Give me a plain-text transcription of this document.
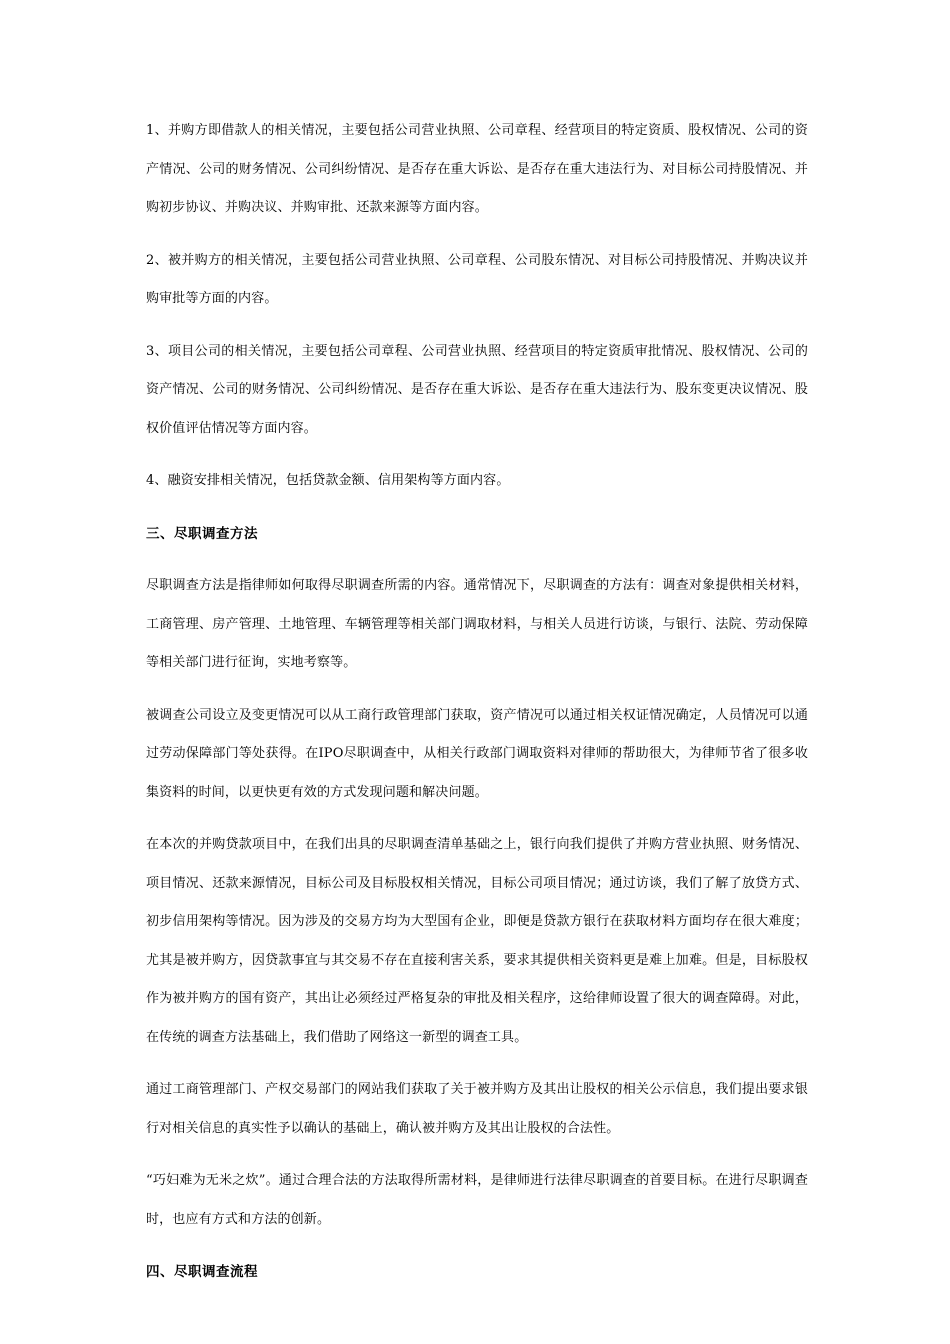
1、并购方即借款人的相关情况，主要包括公司营业执照、公司章程、经营项目的特定资质、股权情况、公司的资产情况、公司的财务情况、公司纠纷情况、是否存在重大诉讼、是否存在重大违法行为、对目标公司持股情况、并购初步协议、并购决议、并购审批、还款来源等方面内容。

2、被并购方的相关情况，主要包括公司营业执照、公司章程、公司股东情况、对目标公司持股情况、并购决议并购审批等方面的内容。

3、项目公司的相关情况，主要包括公司章程、公司营业执照、经营项目的特定资质审批情况、股权情况、公司的资产情况、公司的财务情况、公司纠纷情况、是否存在重大诉讼、是否存在重大违法行为、股东变更决议情况、股权价值评估情况等方面内容。

4、融资安排相关情况，包括贷款金额、信用架构等方面内容。

三、尽职调查方法

尽职调查方法是指律师如何取得尽职调查所需的内容。通常情况下，尽职调查的方法有：调查对象提供相关材料，工商管理、房产管理、土地管理、车辆管理等相关部门调取材料，与相关人员进行访谈，与银行、法院、劳动保障等相关部门进行征询，实地考察等。

被调查公司设立及变更情况可以从工商行政管理部门获取，资产情况可以通过相关权证情况确定，人员情况可以通过劳动保障部门等处获得。在IPO尽职调查中，从相关行政部门调取资料对律师的帮助很大，为律师节省了很多收集资料的时间，以更快更有效的方式发现问题和解决问题。

在本次的并购贷款项目中，在我们出具的尽职调查清单基础之上，银行向我们提供了并购方营业执照、财务情况、项目情况、还款来源情况，目标公司及目标股权相关情况，目标公司项目情况；通过访谈，我们了解了放贷方式、初步信用架构等情况。因为涉及的交易方均为大型国有企业，即便是贷款方银行在获取材料方面均存在很大难度；尤其是被并购方，因贷款事宜与其交易不存在直接利害关系，要求其提供相关资料更是难上加难。但是，目标股权作为被并购方的国有资产，其出让必须经过严格复杂的审批及相关程序，这给律师设置了很大的调查障碍。对此，在传统的调查方法基础上，我们借助了网络这一新型的调查工具。

通过工商管理部门、产权交易部门的网站我们获取了关于被并购方及其出让股权的相关公示信息，我们提出要求银行对相关信息的真实性予以确认的基础上，确认被并购方及其出让股权的合法性。

“巧妇难为无米之炊”。通过合理合法的方法取得所需材料，是律师进行法律尽职调查的首要目标。在进行尽职调查时，也应有方式和方法的创新。

四、尽职调查流程
